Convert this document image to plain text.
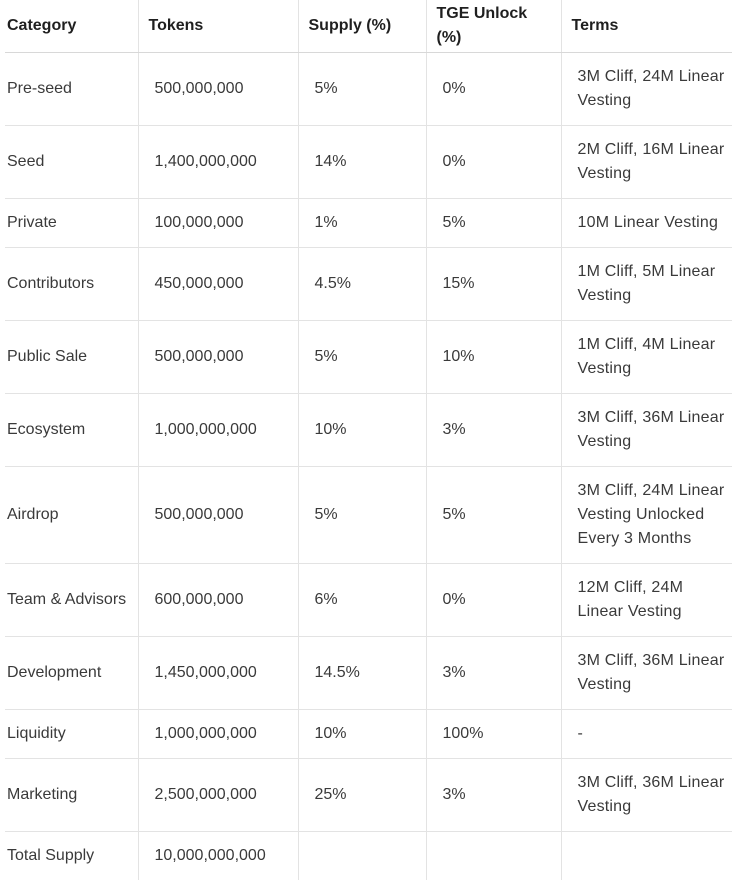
Category	Tokens	Supply (%)	TGE Unlock (%)	Terms
Pre-seed	500,000,000	5%	0%	3M Cliff, 24M Linear Vesting
Seed	1,400,000,000	14%	0%	2M Cliff, 16M Linear Vesting
Private	100,000,000	1%	5%	10M Linear Vesting
Contributors	450,000,000	4.5%	15%	1M Cliff, 5M Linear Vesting
Public Sale	500,000,000	5%	10%	1M Cliff, 4M Linear Vesting
Ecosystem	1,000,000,000	10%	3%	3M Cliff, 36M Linear Vesting
Airdrop	500,000,000	5%	5%	3M Cliff, 24M Linear Vesting Unlocked Every 3 Months
Team & Advisors	600,000,000	6%	0%	12M Cliff, 24M Linear Vesting
Development	1,450,000,000	14.5%	3%	3M Cliff, 36M Linear Vesting
Liquidity	1,000,000,000	10%	100%	-
Marketing	2,500,000,000	25%	3%	3M Cliff, 36M Linear Vesting
Total Supply	10,000,000,000			
